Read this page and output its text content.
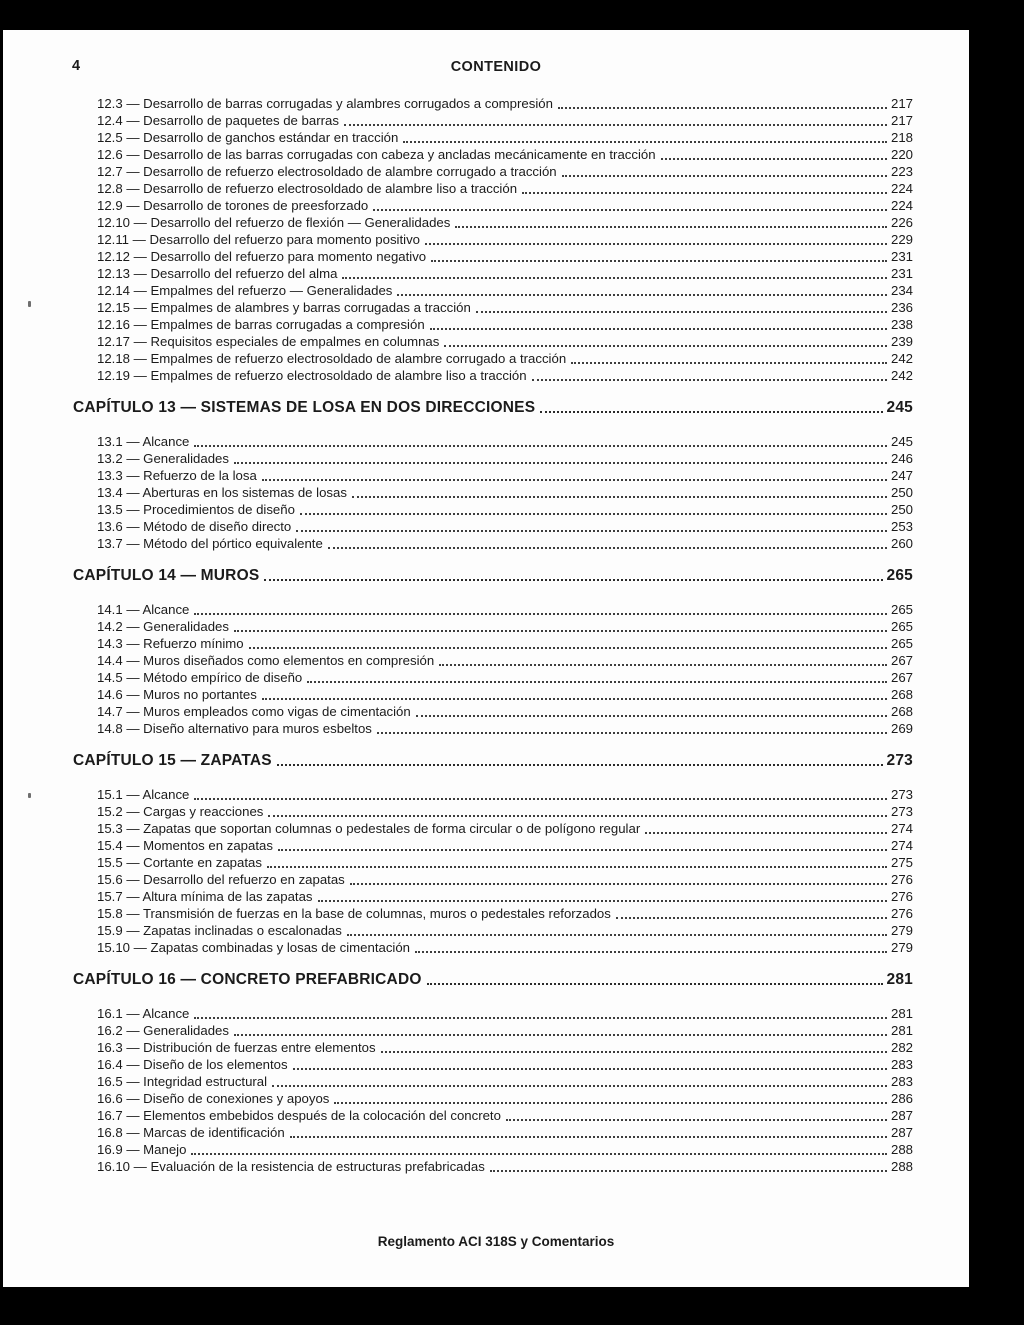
4	CONTENIDO
12.3 — Desarrollo de barras corrugadas y alambres corrugados a compresión	217
12.4 — Desarrollo de paquetes de barras	217
12.5 — Desarrollo de ganchos estándar en tracción	218
12.6 — Desarrollo de las barras corrugadas con cabeza y ancladas mecánicamente en tracción	220
12.7 — Desarrollo de refuerzo electrosoldado de alambre corrugado a tracción	223
12.8 — Desarrollo de refuerzo electrosoldado de alambre liso a tracción	224
12.9 — Desarrollo de torones de preesforzado	224
12.10 — Desarrollo del refuerzo de flexión — Generalidades	226
12.11 — Desarrollo del refuerzo para momento positivo	229
12.12 — Desarrollo del refuerzo para momento negativo	231
12.13 — Desarrollo del refuerzo del alma	231
12.14 — Empalmes del refuerzo — Generalidades	234
12.15 — Empalmes de alambres y barras corrugadas a tracción	236
12.16 — Empalmes de barras corrugadas a compresión	238
12.17 — Requisitos especiales de empalmes en columnas	239
12.18 — Empalmes de refuerzo electrosoldado de alambre corrugado a tracción	242
12.19 — Empalmes de refuerzo electrosoldado de alambre liso a tracción	242
CAPÍTULO 13 — SISTEMAS DE LOSA EN DOS DIRECCIONES	245
13.1 — Alcance	245
13.2 — Generalidades	246
13.3 — Refuerzo de la losa	247
13.4 — Aberturas en los sistemas de losas	250
13.5 — Procedimientos de diseño	250
13.6 — Método de diseño directo	253
13.7 — Método del pórtico equivalente	260
CAPÍTULO 14 — MUROS	265
14.1 — Alcance	265
14.2 — Generalidades	265
14.3 — Refuerzo mínimo	265
14.4 — Muros diseñados como elementos en compresión	267
14.5 — Método empírico de diseño	267
14.6 — Muros no portantes	268
14.7 — Muros empleados como vigas de cimentación	268
14.8 — Diseño alternativo para muros esbeltos	269
CAPÍTULO 15 — ZAPATAS	273
15.1 — Alcance	273
15.2 — Cargas y reacciones	273
15.3 — Zapatas que soportan columnas o pedestales de forma circular o de polígono regular	274
15.4 — Momentos en zapatas	274
15.5 — Cortante en zapatas	275
15.6 — Desarrollo del refuerzo en zapatas	276
15.7 — Altura mínima de las zapatas	276
15.8 — Transmisión de fuerzas en la base de columnas, muros o pedestales reforzados	276
15.9 — Zapatas inclinadas o escalonadas	279
15.10 — Zapatas combinadas y losas de cimentación	279
CAPÍTULO 16 — CONCRETO PREFABRICADO	281
16.1 — Alcance	281
16.2 — Generalidades	281
16.3 — Distribución de fuerzas entre elementos	282
16.4 — Diseño de los elementos	283
16.5 — Integridad estructural	283
16.6 — Diseño de conexiones y apoyos	286
16.7 — Elementos embebidos después de la colocación del concreto	287
16.8 — Marcas de identificación	287
16.9 — Manejo	288
16.10 — Evaluación de la resistencia de estructuras prefabricadas	288
Reglamento ACI 318S y Comentarios
